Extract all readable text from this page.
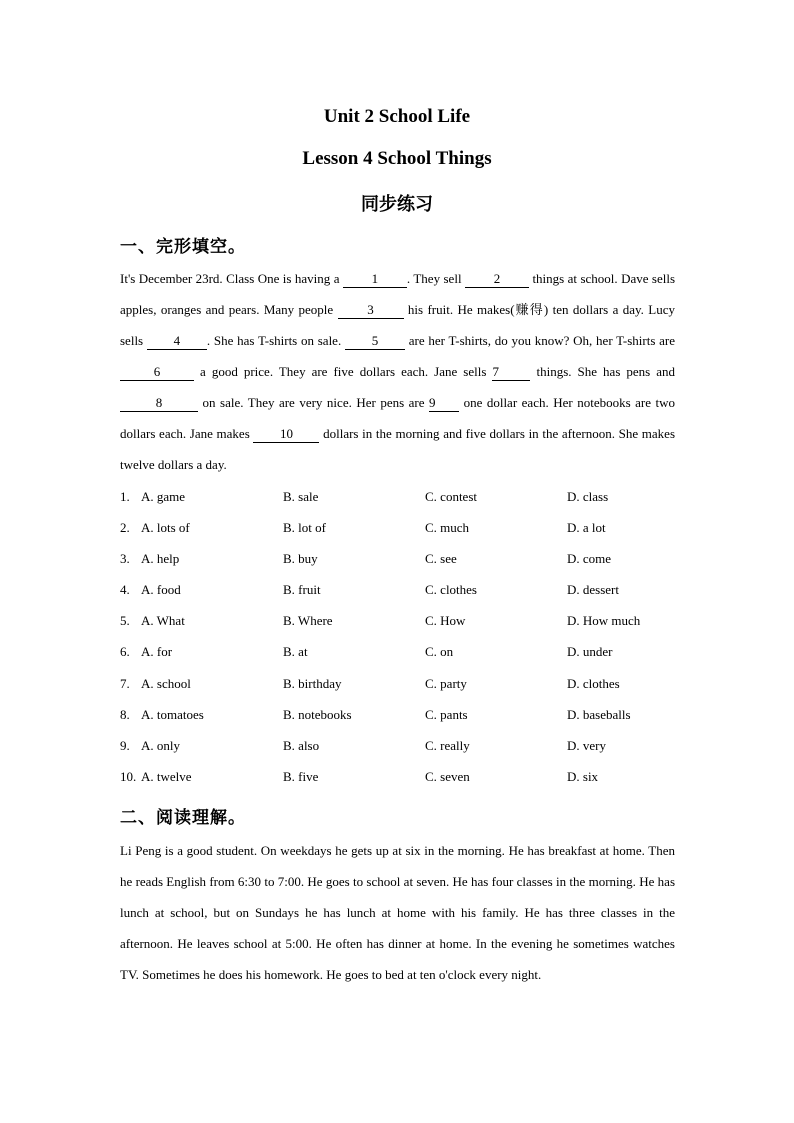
Unit 2 School Life
Lesson 4 School Things
同步练习
一、完形填空。
It's December 23rd. Class One is having a 1 . They sell 2 things at school. Dave sells apples, oranges and pears. Many people	3	his fruit. He makes(赚得) ten dollars a day. Lucy sells 4 . She has T-shirts on sale. 5 are her T-shirts, do you know? Oh, her T-shirts are 6	a good price. They are five dollars each. Jane sells 7	things. She has pens and 8	on sale. They are very nice. Her pens are 9 one dollar each. Her notebooks are two dollars each. Jane makes 10 dollars in the morning and five dollars in the afternoon. She makes twelve dollars a day.
1. A. game	B. sale	C. contest	D. class
2. A. lots of	B. lot of	C. much	D. a lot
3. A. help	B. buy	C. see	D. come
4. A. food	B. fruit	C. clothes	D. dessert
5. A. What	B. Where	C. How	D. How much
6. A. for	B. at	C. on	D. under
7. A. school	B. birthday	C. party	D. clothes
8. A. tomatoes	B. notebooks	C. pants	D. baseballs
9. A. only	B. also	C. really	D. very
10. A. twelve	B. five	C. seven	D. six
二、阅读理解。
Li Peng is a good student. On weekdays he gets up at six in the morning. He has breakfast at home. Then he reads English from 6:30 to 7:00. He goes to school at seven. He has four classes in the morning. He has lunch at school, but on Sundays he has lunch at home with his family. He has three classes in the afternoon. He leaves school at 5:00. He often has dinner at home. In the evening he sometimes watches TV. Sometimes he does his homework. He goes to bed at ten o'clock every night.
